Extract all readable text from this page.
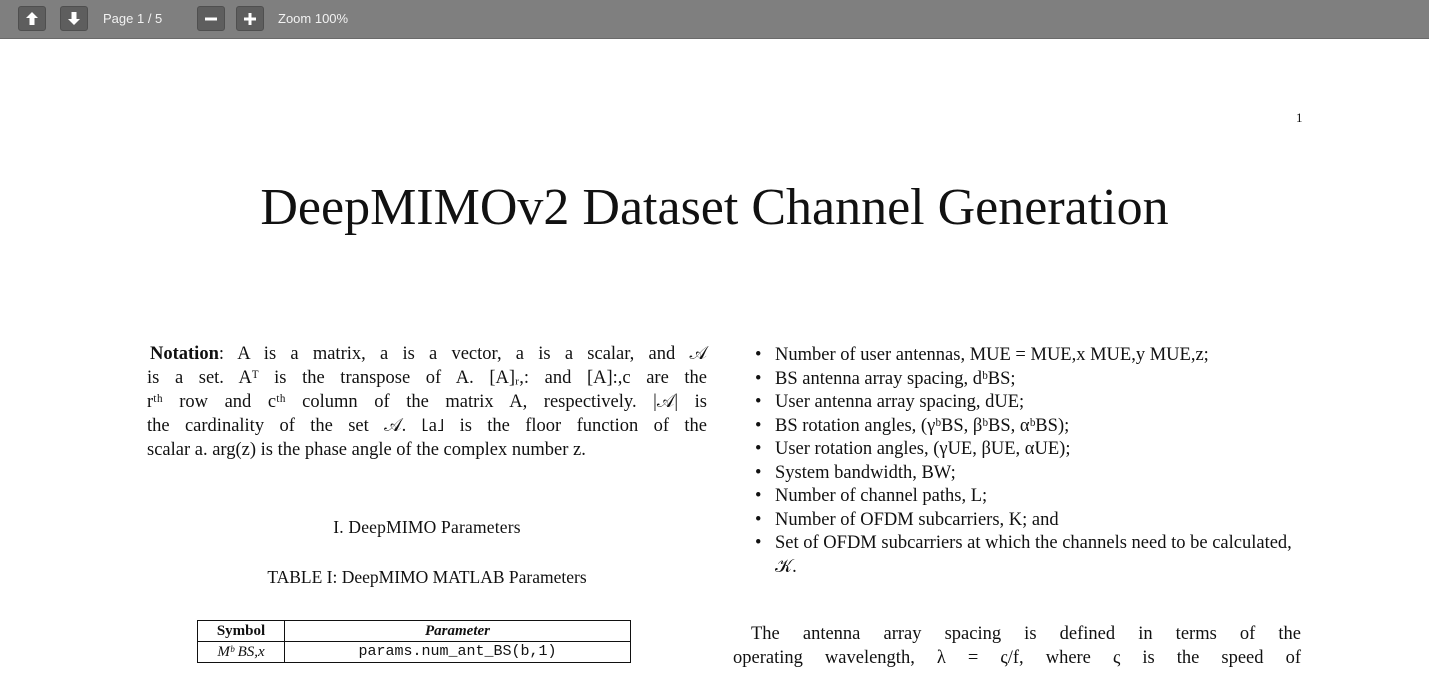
Page 1 / 5	Zoom 100%
1
DeepMIMOv2 Dataset Channel Generation
Notation: A is a matrix, a is a vector, a is a scalar, and 𝒜
is a set. Aᵀ is the transpose of A. [A]ᵣ,: and [A]:,c are the
rᵗʰ row and cᵗʰ column of the matrix A, respectively. |𝒜| is
the cardinality of the set 𝒜. ⌊a⌋ is the floor function of the
scalar a. arg(z) is the phase angle of the complex number z.
I. DeepMIMO Parameters
TABLE I: DeepMIMO MATLAB Parameters
Symbol	Parameter
Mᵇ BS,x	params.num_ant_BS(b,1)
• Number of user antennas, MUE = MUE,x MUE,y MUE,z;
• BS antenna array spacing, dᵇBS;
• User antenna array spacing, dUE;
• BS rotation angles, (γᵇBS, βᵇBS, αᵇBS);
• User rotation angles, (γUE, βUE, αUE);
• System bandwidth, BW;
• Number of channel paths, L;
• Number of OFDM subcarriers, K; and
• Set of OFDM subcarriers at which the channels need to be calculated, 𝒦.
The antenna array spacing is defined in terms of the
operating wavelength, λ = ς/f, where ς is the speed of
